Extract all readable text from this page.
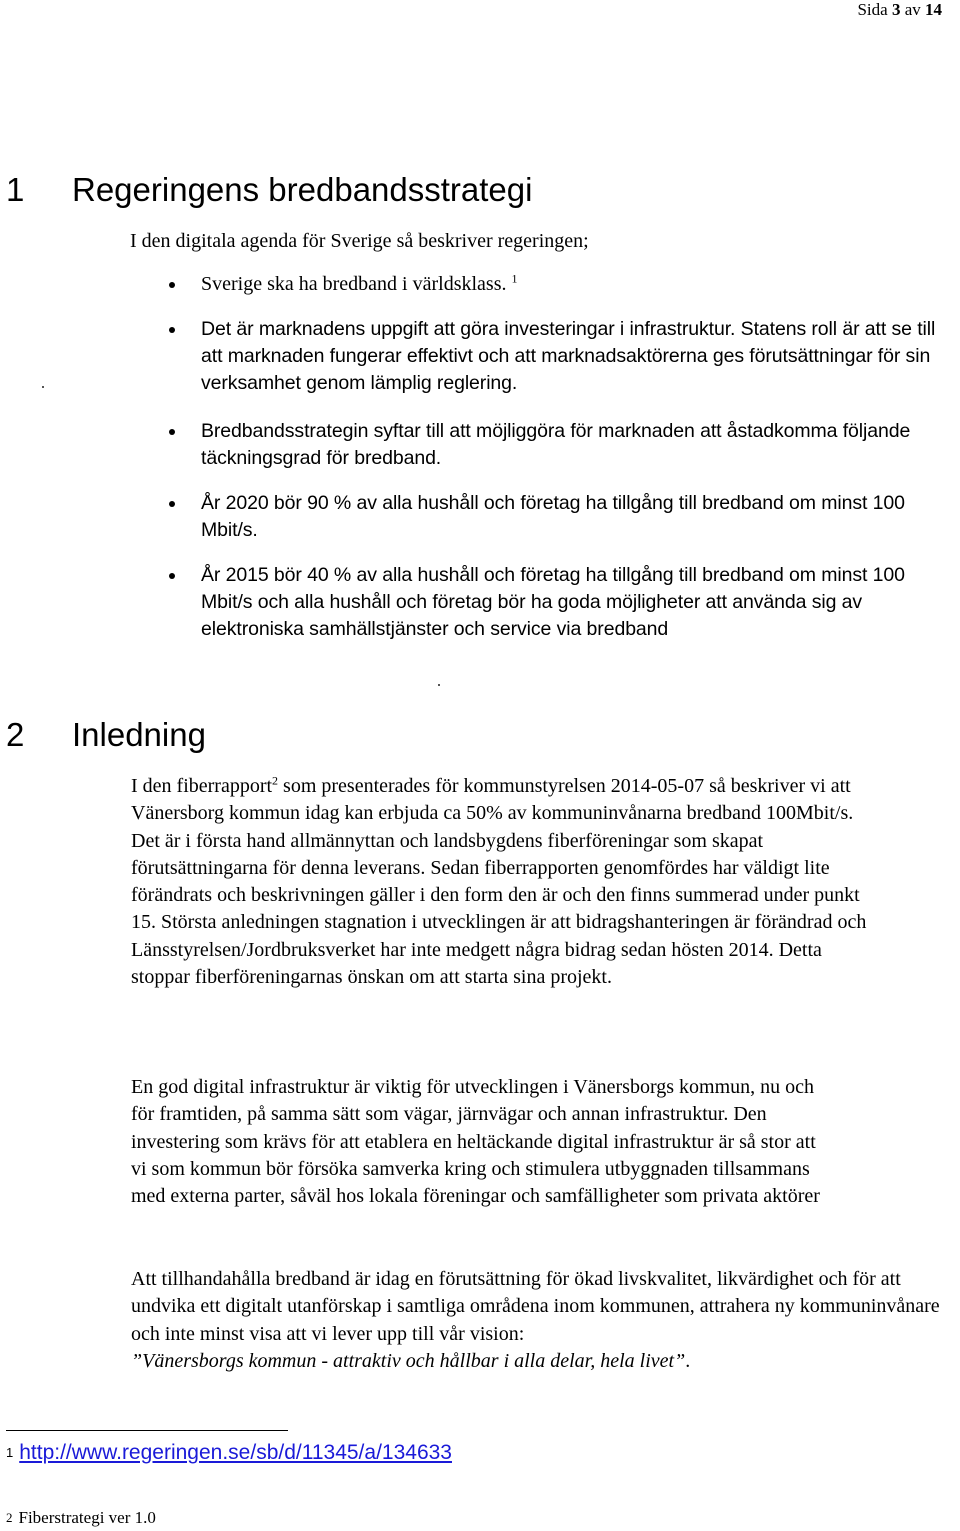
Sida 3 av 14
1 Regeringens bredbandsstrategi

I den digitala agenda för Sverige så beskriver regeringen;

Sverige ska ha bredband i världsklass. $^1$
Det är marknadens uppgift att göra investeringar i infrastruktur. Statens roll är att se till att marknaden fungerar effektivt och att marknadsaktörerna ges förutsättningar för sin verksamhet genom lämplig reglering.
Bredbandsstrategin syftar till att möjliggöra för marknaden att åstadkomma följande täckningsgrad för bredband.
År 2020 bör 90 % av alla hushåll och företag ha tillgång till bredband om minst 100 Mbit/s.
År 2015 bör 40 % av alla hushåll och företag ha tillgång till bredband om minst 100 Mbit/s och alla hushåll och företag bör ha goda möjligheter att använda sig av elektroniska samhällstjänster och service via bredband
2 Inledning

I den fiberrapport$^2$ som presenterades för kommunstyrelsen 2014-05-07 så beskriver vi att Vänersborg kommun idag kan erbjuda ca 50% av kommuninvånarna bredband 100Mbit/s. Det är i första hand allmännyttan och landsbygdens fiberföreningar som skapat förutsättningarna för denna leverans. Sedan fiberrapporten genomfördes har väldigt lite förändrats och beskrivningen gäller i den form den är och den finns summerad under punkt 15. Största anledningen stagnation i utvecklingen är att bidragshanteringen är förändrad och Länsstyrelsen/Jordbruksverket har inte medgett några bidrag sedan hösten 2014. Detta stoppar fiberföreningarnas önskan om att starta sina projekt.

En god digital infrastruktur är viktig för utvecklingen i Vänersborgs kommun, nu och för framtiden, på samma sätt som vägar, järnvägar och annan infrastruktur. Den investering som krävs för att etablera en heltäckande digital infrastruktur är så stor att vi som kommun bör försöka samverka kring och stimulera utbyggnaden tillsammans med externa parter, såväl hos lokala föreningar och samfälligheter som privata aktörer

Att tillhandahålla bredband är idag en förutsättning för ökad livskvalitet, likvärdighet och för att undvika ett digitalt utanförskap i samtliga områdena inom kommunen, attrahera ny kommuninvånare och inte minst visa att vi lever upp till vår vision:
”Vänersborgs kommun - attraktiv och hållbar i alla delar, hela livet”.

$^1$ http://www.regeringen.se/sb/d/11345/a/134633
$^2$ Fiberstrategi ver 1.0
